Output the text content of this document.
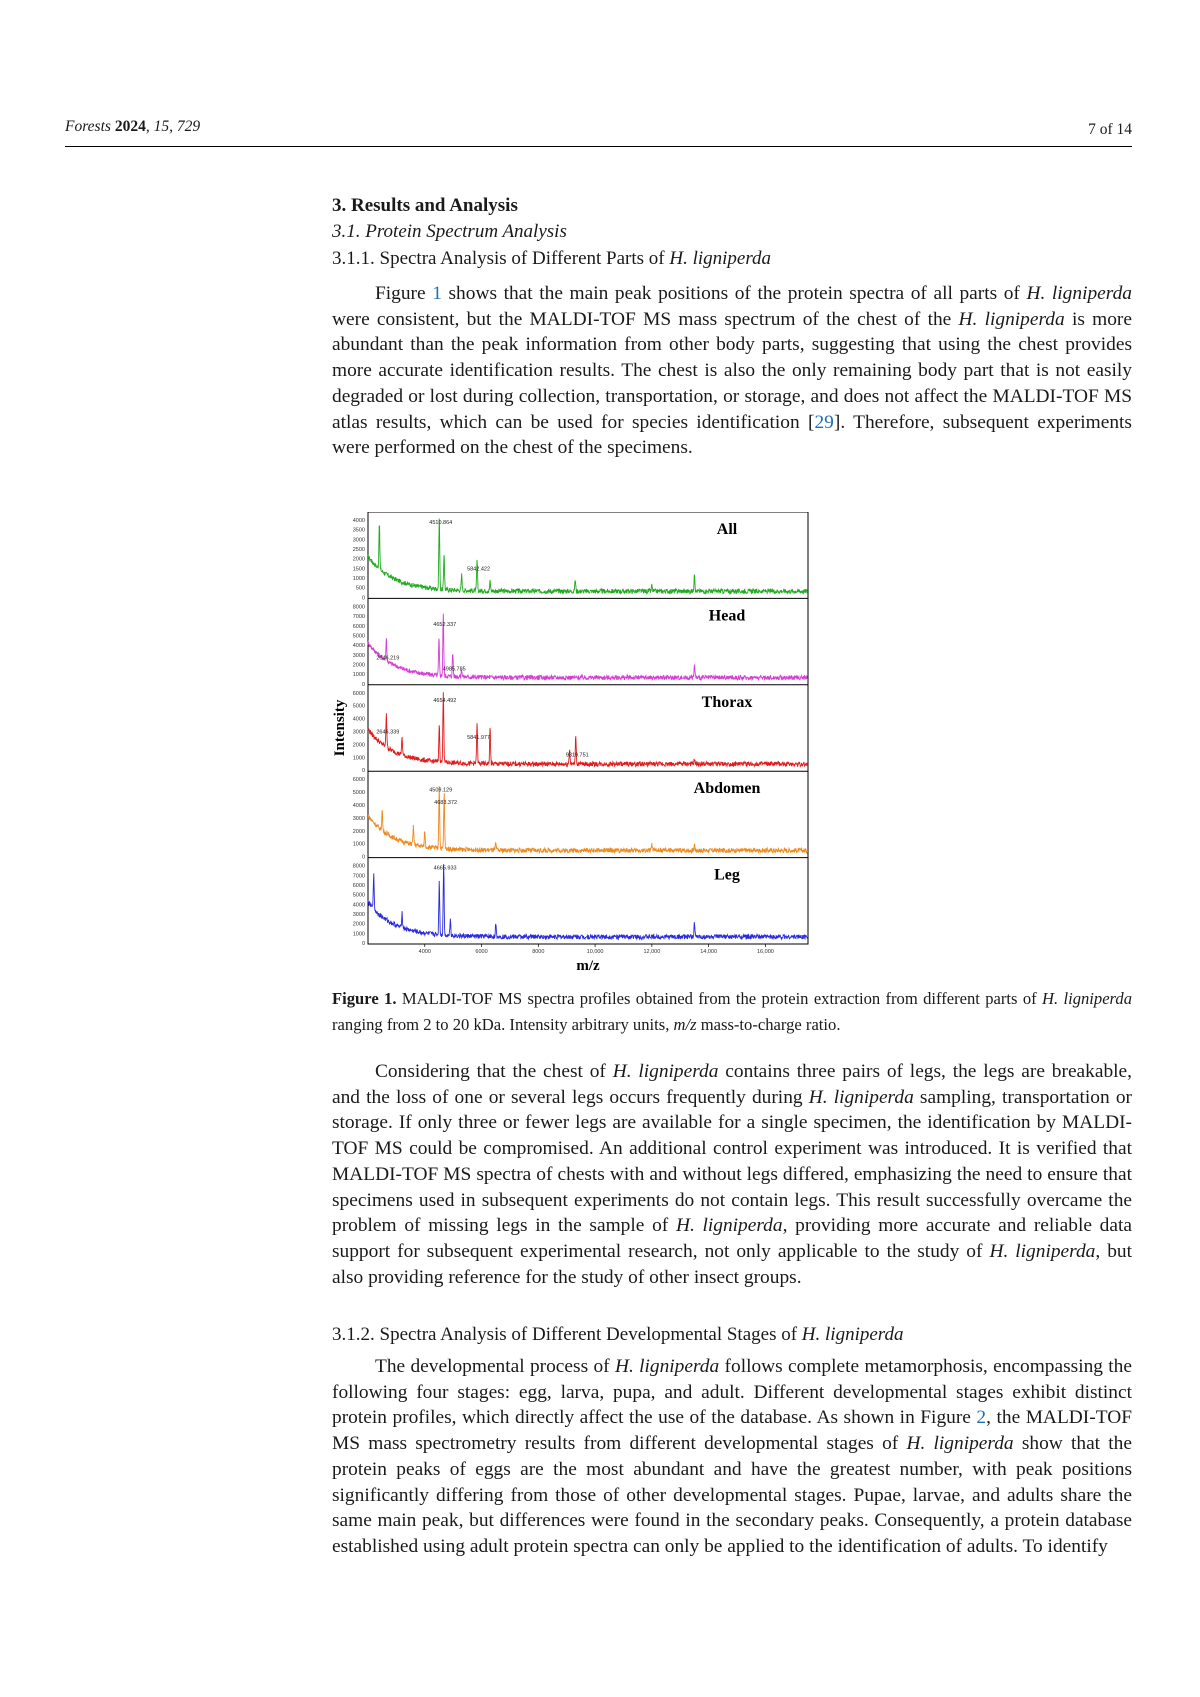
Forests 2024, 15, 729	7 of 14
3. Results and Analysis
3.1. Protein Spectrum Analysis
3.1.1. Spectra Analysis of Different Parts of H. ligniperda

Figure 1 shows that the main peak positions of the protein spectra of all parts of H. ligniperda were consistent, but the MALDI-TOF MS mass spectrum of the chest of the H. ligniperda is more abundant than the peak information from other body parts, suggesting that using the chest provides more accurate identification results. The chest is also the only remaining body part that is not easily degraded or lost during collection, transportation, or storage, and does not affect the MALDI-TOF MS atlas results, which can be used for species identification [29]. Therefore, subsequent experiments were performed on the chest of the specimens.

0
500
1000
1500
2000
2500
3000
3500
4000	4510.864
5842.422
All
0
1000
2000
3000
4000
5000
6000
7000
8000
2646.219
4652.337
4985.785
Head
0
1000
2000
3000
4000
5000
6000
2646.339
4654.492
5841.977
9319.751
Thorax
0
1000
2000
3000
4000
5000
6000
4509.129
4683.372
Abdomen
0
1000
2000
3000
4000
5000
6000
7000
8000	4665.933	Leg
4000	6000	8000	10,000	12,000	14,000	16,000
Intensity
m/z
Figure 1. MALDI-TOF MS spectra profiles obtained from the protein extraction from different parts of H. ligniperda ranging from 2 to 20 kDa. Intensity arbitrary units, m/z mass-to-charge ratio.

Considering that the chest of H. ligniperda contains three pairs of legs, the legs are breakable, and the loss of one or several legs occurs frequently during H. ligniperda sampling, transportation or storage. If only three or fewer legs are available for a single specimen, the identification by MALDI-TOF MS could be compromised. An additional control experiment was introduced. It is verified that MALDI-TOF MS spectra of chests with and without legs differed, emphasizing the need to ensure that specimens used in subsequent experiments do not contain legs. This result successfully overcame the problem of missing legs in the sample of H. ligniperda, providing more accurate and reliable data support for subsequent experimental research, not only applicable to the study of H. ligniperda, but also providing reference for the study of other insect groups.

3.1.2. Spectra Analysis of Different Developmental Stages of H. ligniperda

The developmental process of H. ligniperda follows complete metamorphosis, encompassing the following four stages: egg, larva, pupa, and adult. Different developmental stages exhibit distinct protein profiles, which directly affect the use of the database. As shown in Figure 2, the MALDI-TOF MS mass spectrometry results from different developmental stages of H. ligniperda show that the protein peaks of eggs are the most abundant and have the greatest number, with peak positions significantly differing from those of other developmental stages. Pupae, larvae, and adults share the same main peak, but differences were found in the secondary peaks. Consequently, a protein database established using adult protein spectra can only be applied to the identification of adults. To identify
